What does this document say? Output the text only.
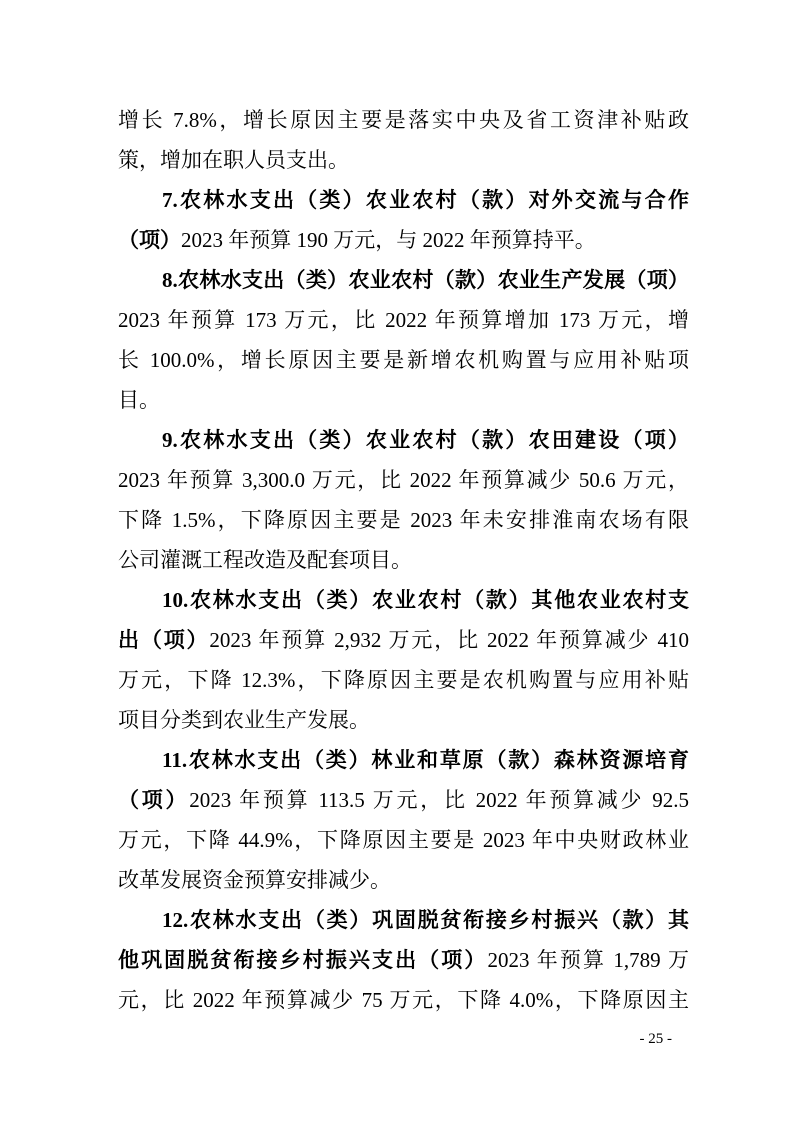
增长 7.8%，增长原因主要是落实中央及省工资津补贴政
策，增加在职人员支出。
7.农林水支出（类）农业农村（款）对外交流与合作
（项）2023 年预算 190 万元，与 2022 年预算持平。
8.农林水支出（类）农业农村（款）农业生产发展（项）
2023 年预算 173 万元，比 2022 年预算增加 173 万元，增
长 100.0%，增长原因主要是新增农机购置与应用补贴项
目。
9.农林水支出（类）农业农村（款）农田建设（项）
2023 年预算 3,300.0 万元，比 2022 年预算减少 50.6 万元，
下降 1.5%，下降原因主要是 2023 年未安排淮南农场有限
公司灌溉工程改造及配套项目。
10.农林水支出（类）农业农村（款）其他农业农村支
出（项）2023 年预算 2,932 万元，比 2022 年预算减少 410
万元，下降 12.3%，下降原因主要是农机购置与应用补贴
项目分类到农业生产发展。
11.农林水支出（类）林业和草原（款）森林资源培育
（项）2023 年预算 113.5 万元，比 2022 年预算减少 92.5
万元，下降 44.9%，下降原因主要是 2023 年中央财政林业
改革发展资金预算安排减少。
12.农林水支出（类）巩固脱贫衔接乡村振兴（款）其
他巩固脱贫衔接乡村振兴支出（项）2023 年预算 1,789 万
元，比 2022 年预算减少 75 万元，下降 4.0%，下降原因主
- 25 -
